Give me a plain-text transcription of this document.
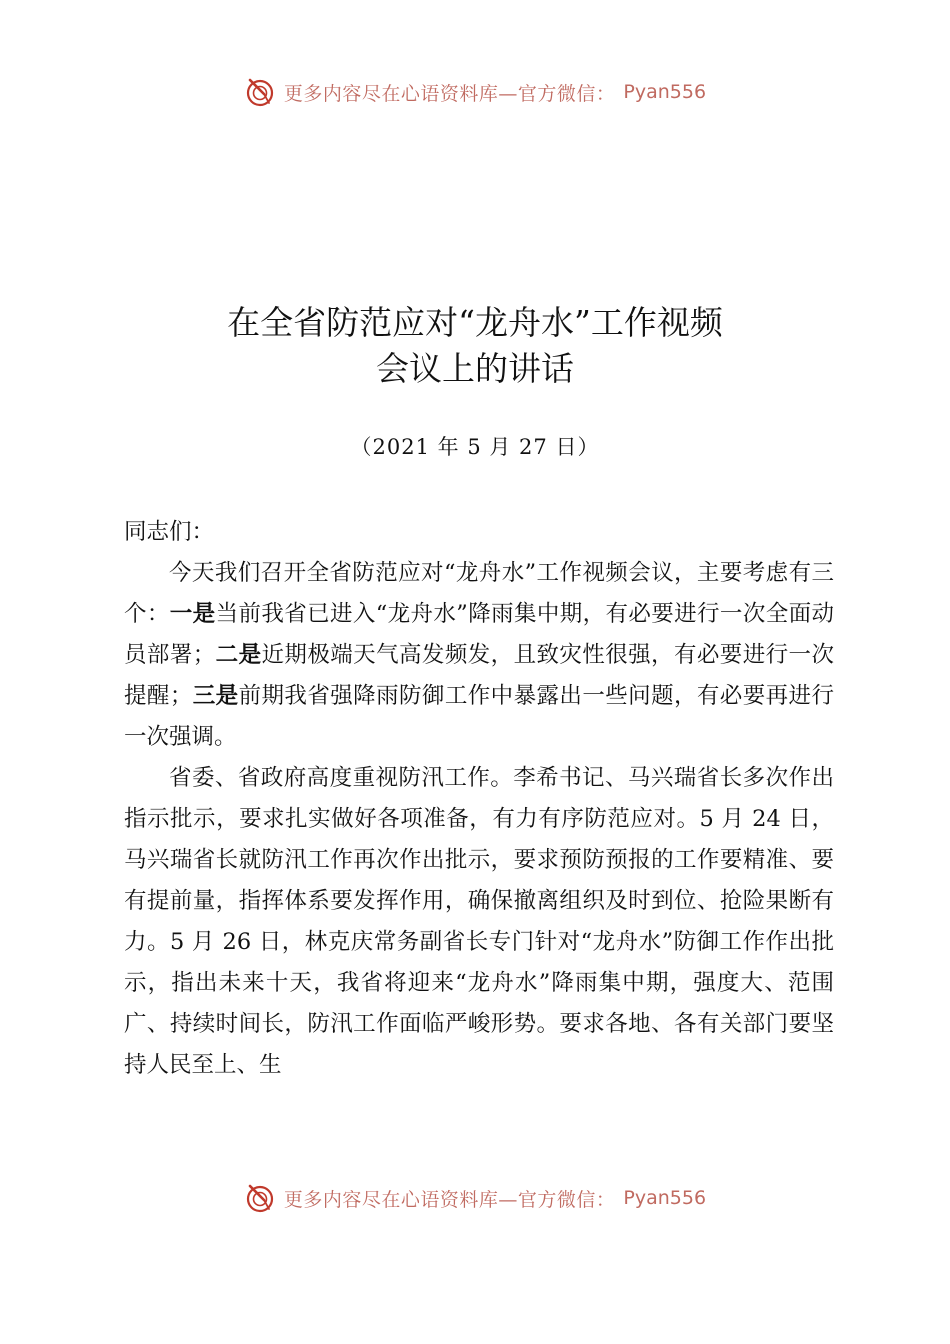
更多内容尽在心语资料库—官方微信： Pyan556
在全省防范应对“龙舟水”工作视频
会议上的讲话
（2021 年 5 月 27 日）

同志们：

今天我们召开全省防范应对“龙舟水”工作视频会议，主要考虑有三个：一是当前我省已进入“龙舟水”降雨集中期，有必要进行一次全面动员部署；二是近期极端天气高发频发，且致灾性很强，有必要进行一次提醒；三是前期我省强降雨防御工作中暴露出一些问题，有必要再进行一次强调。

省委、省政府高度重视防汛工作。李希书记、马兴瑞省长多次作出指示批示，要求扎实做好各项准备，有力有序防范应对。5 月 24 日，马兴瑞省长就防汛工作再次作出批示，要求预防预报的工作要精准、要有提前量，指挥体系要发挥作用，确保撤离组织及时到位、抢险果断有力。5 月 26 日，林克庆常务副省长专门针对“龙舟水”防御工作作出批示，指出未来十天，我省将迎来“龙舟水”降雨集中期，强度大、范围广、持续时间长，防汛工作面临严峻形势。要求各地、各有关部门要坚持人民至上、生

更多内容尽在心语资料库—官方微信： Pyan556
